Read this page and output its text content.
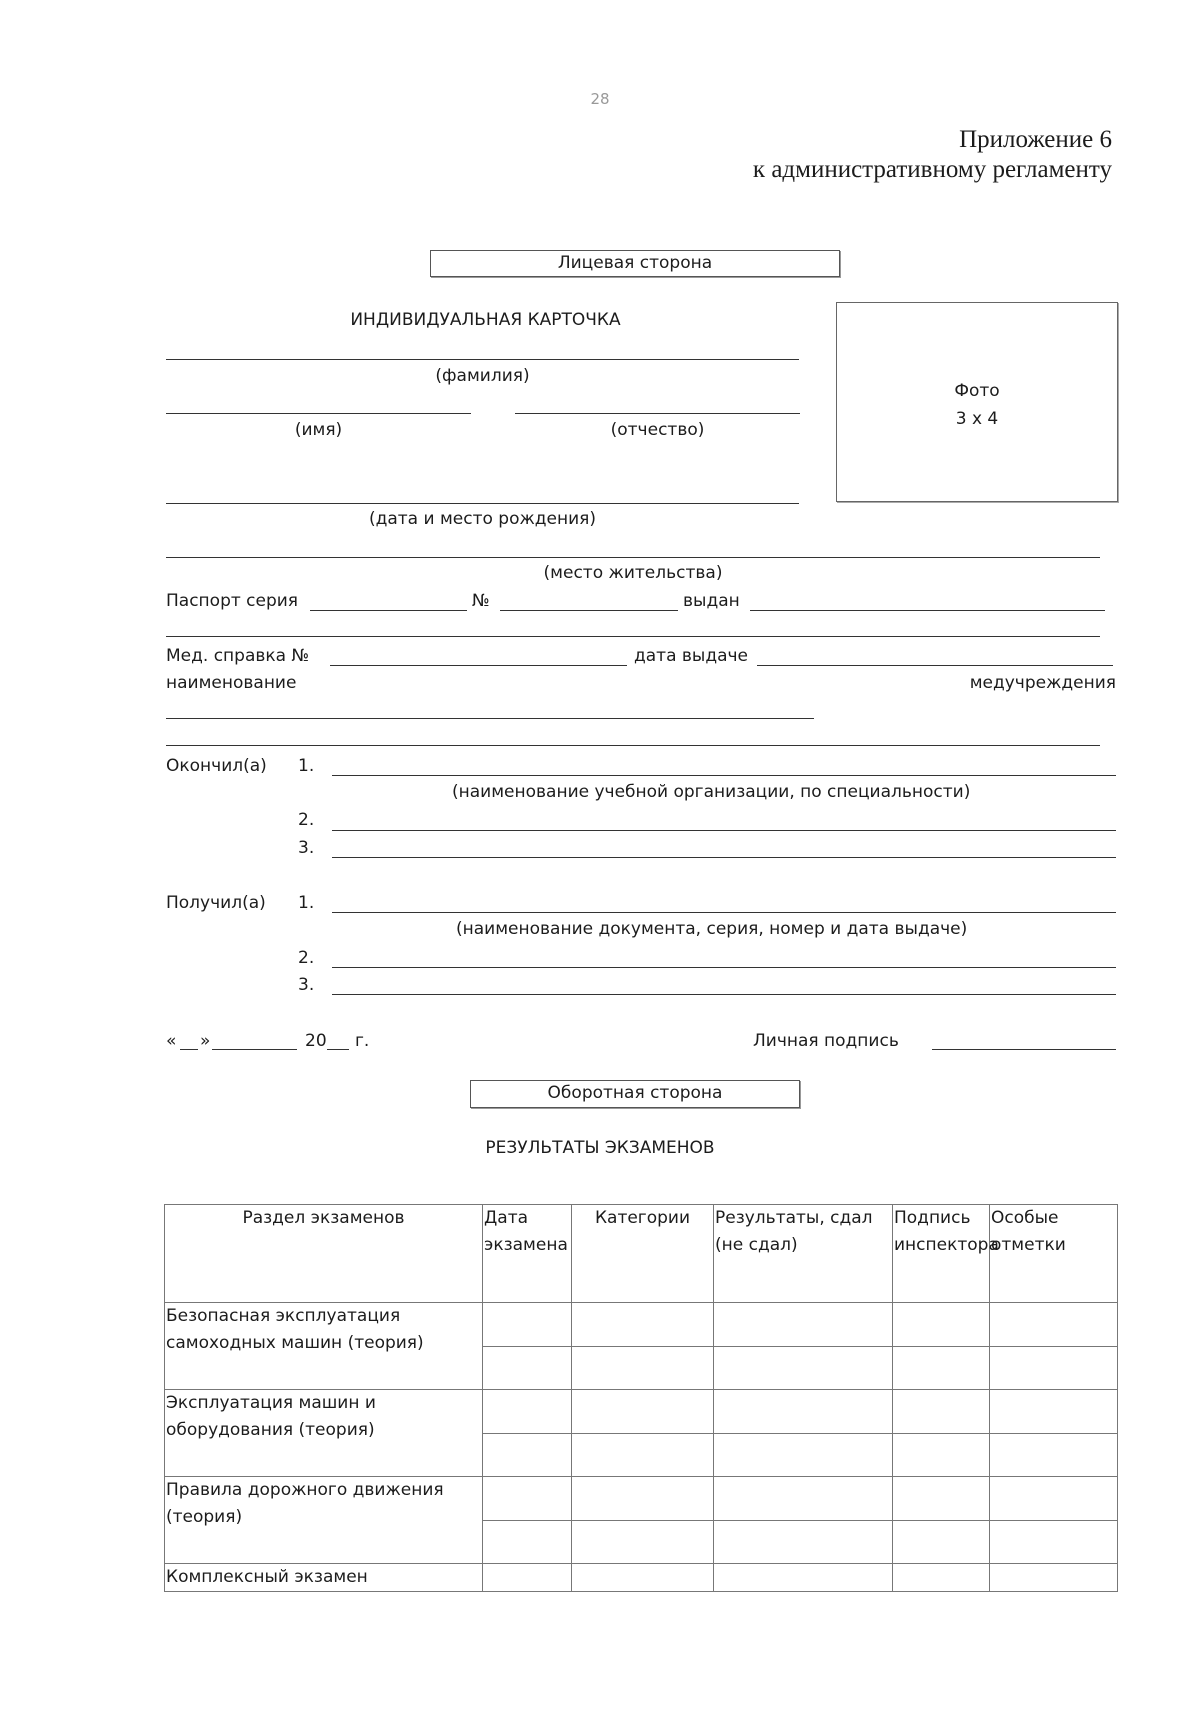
28
Приложение 6
к административному регламенту
Лицевая сторона
ИНДИВИДУАЛЬНАЯ КАРТОЧКА
Фото
3 х 4
(фамилия)
(имя)	(отчество)
(дата и место рождения)
(место жительства)
Паспорт серия	№	выдан
Мед. справка №	дата выдаче
наименование	медучреждения
Окончил(а) 1.
(наименование учебной организации, по специальности)
2.
3.
Получил(а) 1.
(наименование документа, серия, номер и дата выдаче)
2.
3.
« »	20 г.	Личная подпись
Оборотная сторона
РЕЗУЛЬТАТЫ ЭКЗАМЕНОВ
Раздел экзаменов	Дата экзамена	Категории	Результаты, сдал (не сдал)	Подпись инспектора	Особые отметки
Безопасная эксплуатация самоходных машин (теория)					

Эксплуатация машин и оборудования (теория)					

Правила дорожного движения (теория)					

Комплексный экзамен					
